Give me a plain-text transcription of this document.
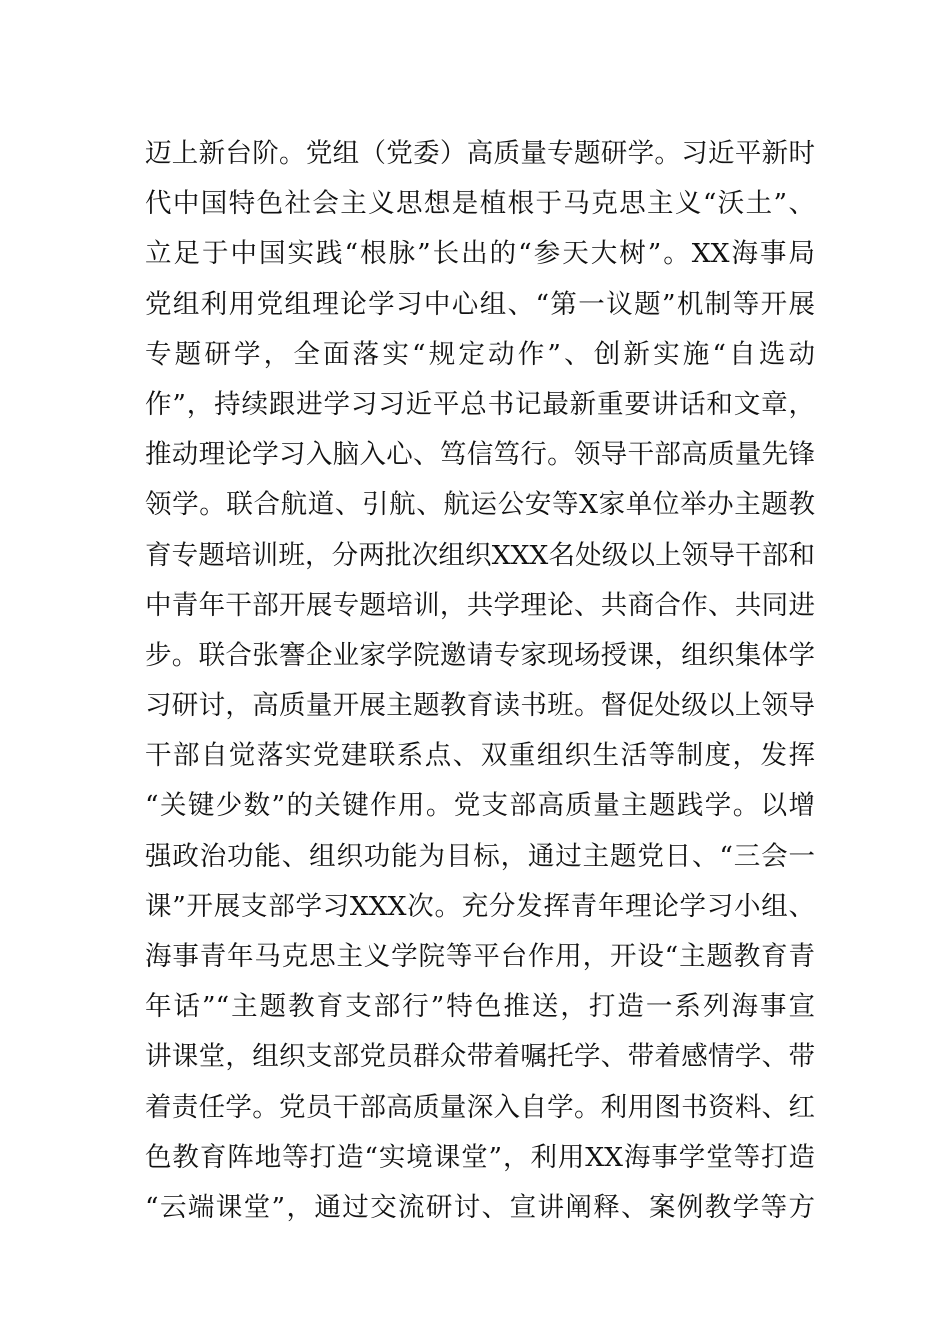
迈上新台阶。党组（党委）高质量专题研学。习近平新时
代中国特色社会主义思想是植根于马克思主义“沃土”、
立足于中国实践“根脉”长出的“参天大树”。XX海事局
党组利用党组理论学习中心组、“第一议题”机制等开展
专题研学，全面落实“规定动作”、创新实施“自选动
作”，持续跟进学习习近平总书记最新重要讲话和文章，
推动理论学习入脑入心、笃信笃行。领导干部高质量先锋
领学。联合航道、引航、航运公安等X家单位举办主题教
育专题培训班，分两批次组织XXX名处级以上领导干部和
中青年干部开展专题培训，共学理论、共商合作、共同进
步。联合张謇企业家学院邀请专家现场授课，组织集体学
习研讨，高质量开展主题教育读书班。督促处级以上领导
干部自觉落实党建联系点、双重组织生活等制度，发挥
“关键少数”的关键作用。党支部高质量主题践学。以增
强政治功能、组织功能为目标，通过主题党日、“三会一
课”开展支部学习XXX次。充分发挥青年理论学习小组、
海事青年马克思主义学院等平台作用，开设“主题教育青
年话”“主题教育支部行”特色推送，打造一系列海事宣
讲课堂，组织支部党员群众带着嘱托学、带着感情学、带
着责任学。党员干部高质量深入自学。利用图书资料、红
色教育阵地等打造“实境课堂”，利用XX海事学堂等打造
“云端课堂”，通过交流研讨、宣讲阐释、案例教学等方
